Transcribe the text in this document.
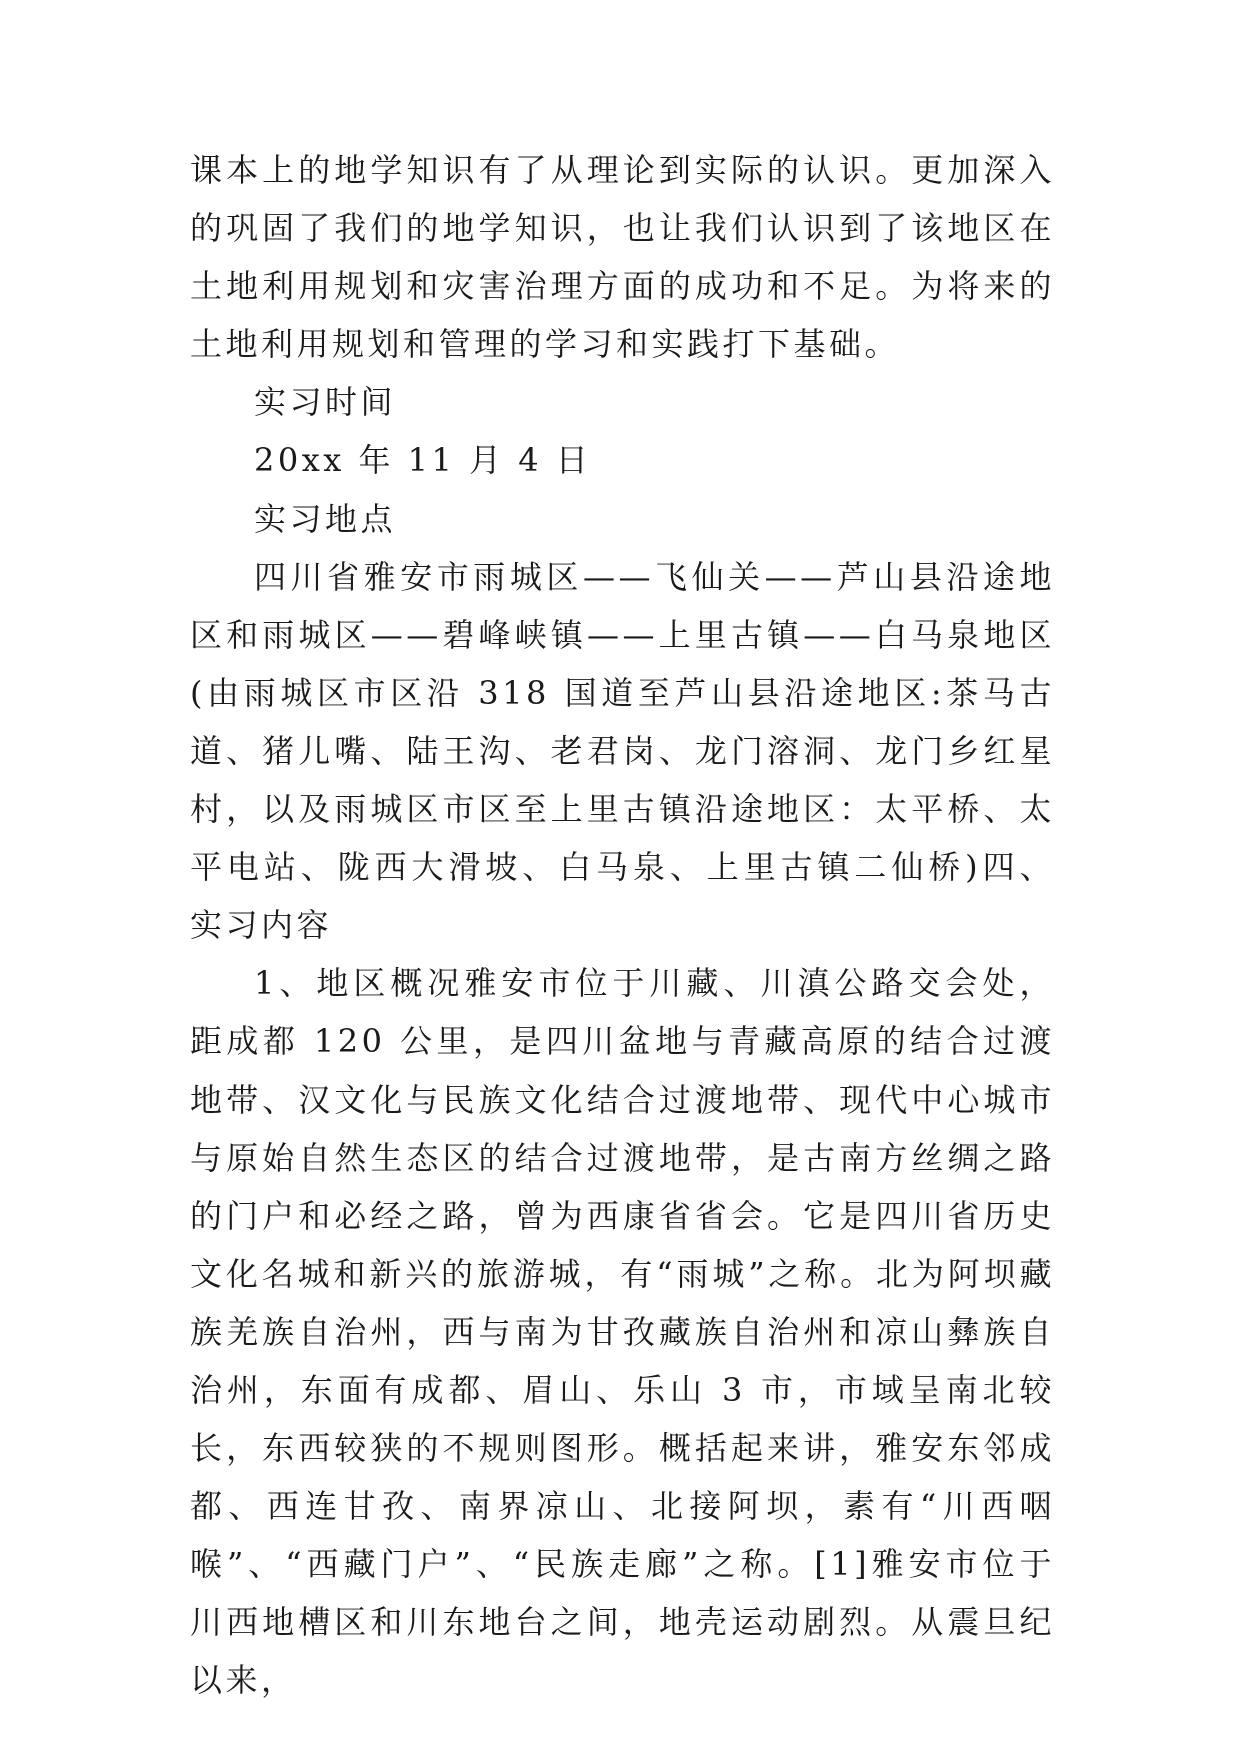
课本上的地学知识有了从理论到实际的认识。更加深入的巩固了我们的地学知识，也让我们认识到了该地区在土地利用规划和灾害治理方面的成功和不足。为将来的土地利用规划和管理的学习和实践打下基础。

实习时间

20xx 年 11 月 4 日

实习地点

四川省雅安市雨城区——飞仙关——芦山县沿途地区和雨城区——碧峰峡镇——上里古镇——白马泉地区(由雨城区市区沿 318 国道至芦山县沿途地区:茶马古道、猪儿嘴、陆王沟、老君岗、龙门溶洞、龙门乡红星村，以及雨城区市区至上里古镇沿途地区：太平桥、太平电站、陇西大滑坡、白马泉、上里古镇二仙桥)四、实习内容

1、地区概况雅安市位于川藏、川滇公路交会处，距成都 120 公里，是四川盆地与青藏高原的结合过渡地带、汉文化与民族文化结合过渡地带、现代中心城市与原始自然生态区的结合过渡地带，是古南方丝绸之路的门户和必经之路，曾为西康省省会。它是四川省历史文化名城和新兴的旅游城，有“雨城”之称。北为阿坝藏族羌族自治州，西与南为甘孜藏族自治州和凉山彝族自治州，东面有成都、眉山、乐山 3 市，市域呈南北较长，东西较狭的不规则图形。概括起来讲，雅安东邻成都、西连甘孜、南界凉山、北接阿坝，素有“川西咽喉”、“西藏门户”、“民族走廊”之称。[1]雅安市位于川西地槽区和川东地台之间，地壳运动剧烈。从震旦纪以来，
